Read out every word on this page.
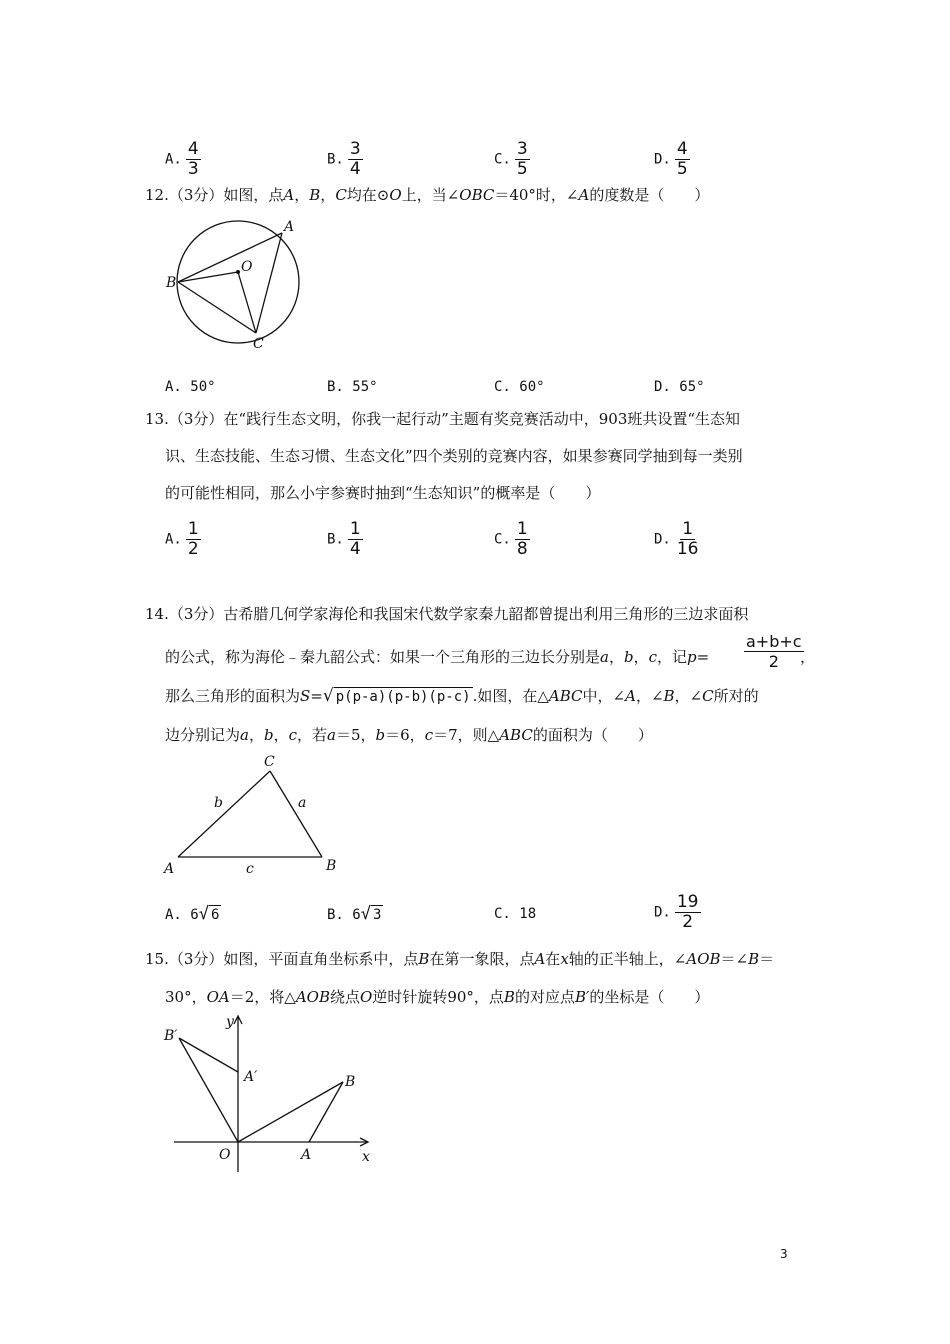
A. $\frac{4}{3}$	B. $\frac{3}{4}$	C. $\frac{3}{5}$	D. $\frac{4}{5}$
12.（3分）如图，点A，B，C均在⊙O上，当∠OBC＝40°时，∠A的度数是（　　）
A
B
O
C
A. 50°	B. 55°	C. 60°	D. 65°
13.（3分）在“践行生态文明，你我一起行动”主题有奖竞赛活动中，903班共设置“生态知
识、生态技能、生态习惯、生态文化”四个类别的竞赛内容，如果参赛同学抽到每一类别
的可能性相同，那么小宇参赛时抽到“生态知识”的概率是（　　）
A. $\frac{1}{2}$	B. $\frac{1}{4}$	C. $\frac{1}{8}$	D. $\frac{1}{16}$
14.（3分）古希腊几何学家海伦和我国宋代数学家秦九韶都曾提出利用三角形的三边求面积
的公式，称为海伦﹣秦九韶公式：如果一个三角形的三边长分别是a，b，c，记$p= \frac{a+b+c}{2}$
，
那么三角形的面积为S=√ p(p-a)(p-b)(p-c) .如图，在△ABC中，∠A，∠B，∠C所对的
边分别记为a，b，c，若a＝5，b＝6，c＝7，则△ABC的面积为（　　）
C
A	B
b	a
c
A. 6√ 6	B. 6√ 3	C. 18	D. $\frac{19}{2}$
15.（3分）如图，平面直角坐标系中，点B在第一象限，点A在x轴的正半轴上，∠AOB＝∠B＝
30°，OA＝2，将△AOB绕点O逆时针旋转90°，点B的对应点B′的坐标是（　　）
y
B′
A′	B
O	A	x
3
